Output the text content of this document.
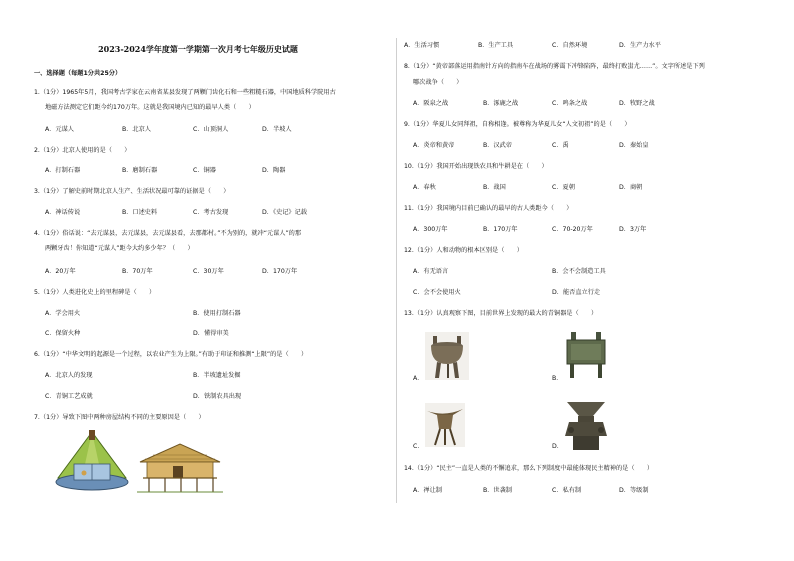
2023-2024学年度第一学期第一次月考七年级历史试题
一、选择题（每题1分共25分）
1.（1分）1965年5月，我国考古学家在云南省某县发现了两颗门齿化石和一些粗糙石器，中国地质科学院用古
地磁方法测定它们距今约170万年。这就是我国境内已知的最早人类（　　）
A．元谋人	B．北京人	C．山顶洞人	D．半坡人
2.（1分）北京人使用的是（　　）
A．打制石器	B．磨制石器	C．铜器	D．陶器
3.（1分）了解史前时期北京人生产、生活状况最可靠的证据是（　　）
A．神话传说	B．口述史料	C．考古发现	D．《史记》记载
4.（1分）俗话说：“去元谋县，去元谋县，去元谋县看，去那都村。”不为别的，就冲“元谋人”的那
两颗牙齿！你知道“元谋人”距今大约多少年？（　　）
A．20万年	B．70万年	C．30万年	D．170万年
5.（1分）人类进化史上的里程碑是（　　）
A．学会用火	B．使用打制石器
C．保留火种	D．懂得审美
6.（1分）“中华文明的起源是一个过程，以农业产生为上限。”有助于印证和推测“上限”的是（　　）
A．北京人的发现	B．半坡遗址发掘
C．青铜工艺成就	D．铁制农具出现
7.（1分）导致下图中两种房屋结构不同的主要原因是（　　）
A．生活习惯	B．生产工具	C．自然环境	D．生产力水平
8.（1分）“黄帝部落运用指南针方向的指南车在战场的雾霭下冲锋陷阵，最终打败蚩尤……”。文字所述是下列
哪次战争（　　）
A．阪泉之战	B．涿鹿之战	C．鸣条之战	D．牧野之战
9.（1分）华夏儿女同拜祖，自称相逢。被尊称为华夏儿女“人文初祖”的是（　　）
A．炎帝和黄帝	B．汉武帝	C．禹	D．秦始皇
10.（1分）我国开始出现铁农具和牛耕是在（　　）
A．春秋	B．战国	C．夏朝	D．商朝
11.（1分）我国境内目前已确认的最早的古人类距今（　　）
A．300万年	B．170万年	C．70-20万年	D．3万年
12.（1分）人和动物的根本区别是（　　）
A．有无语言	B．会不会制造工具
C．会不会使用火	D．能否直立行走
13.（1分）认真观察下图，目前世界上发现的最大的青铜器是（　　）
A．	B．
C．	D．
14.（1分）“民主”一直是人类的不懈追求，那么下列制度中最能体现民主精神的是（　　）
A．禅让制	B．世袭制	C．私有制	D．等级制
